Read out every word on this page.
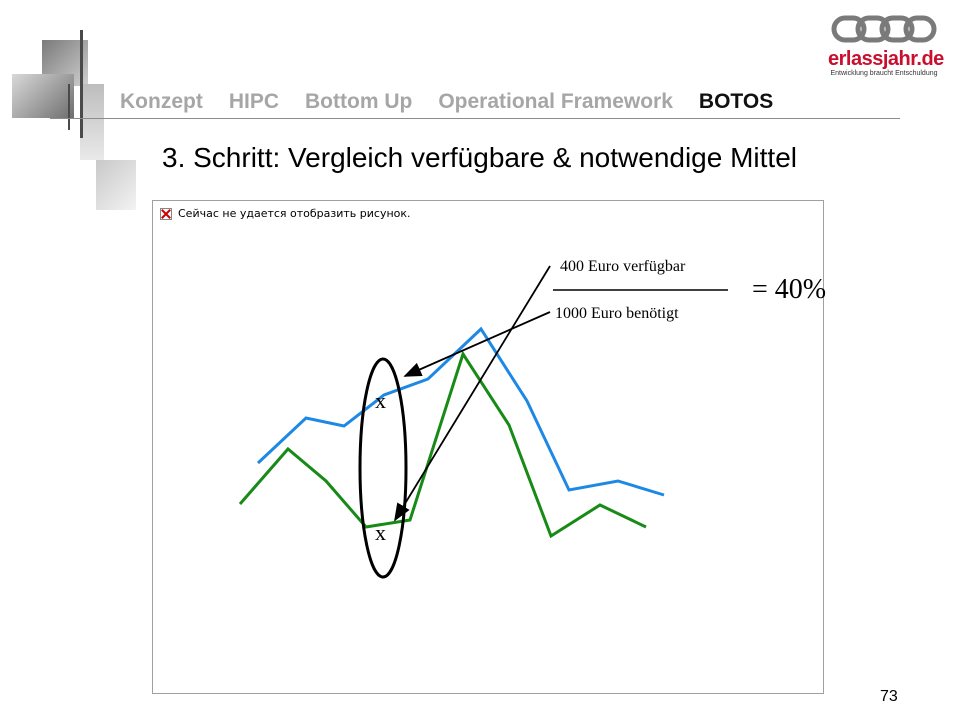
Konzept HIPC Bottom Up Operational Framework BOTOS
erlassjahr.de
Entwicklung braucht Entschuldung
3. Schritt: Vergleich verfügbare & notwendige Mittel
Сейчас не удается отобразить рисунок.
x
x
400 Euro verfügbar
1000 Euro benötigt
= 40%
73
